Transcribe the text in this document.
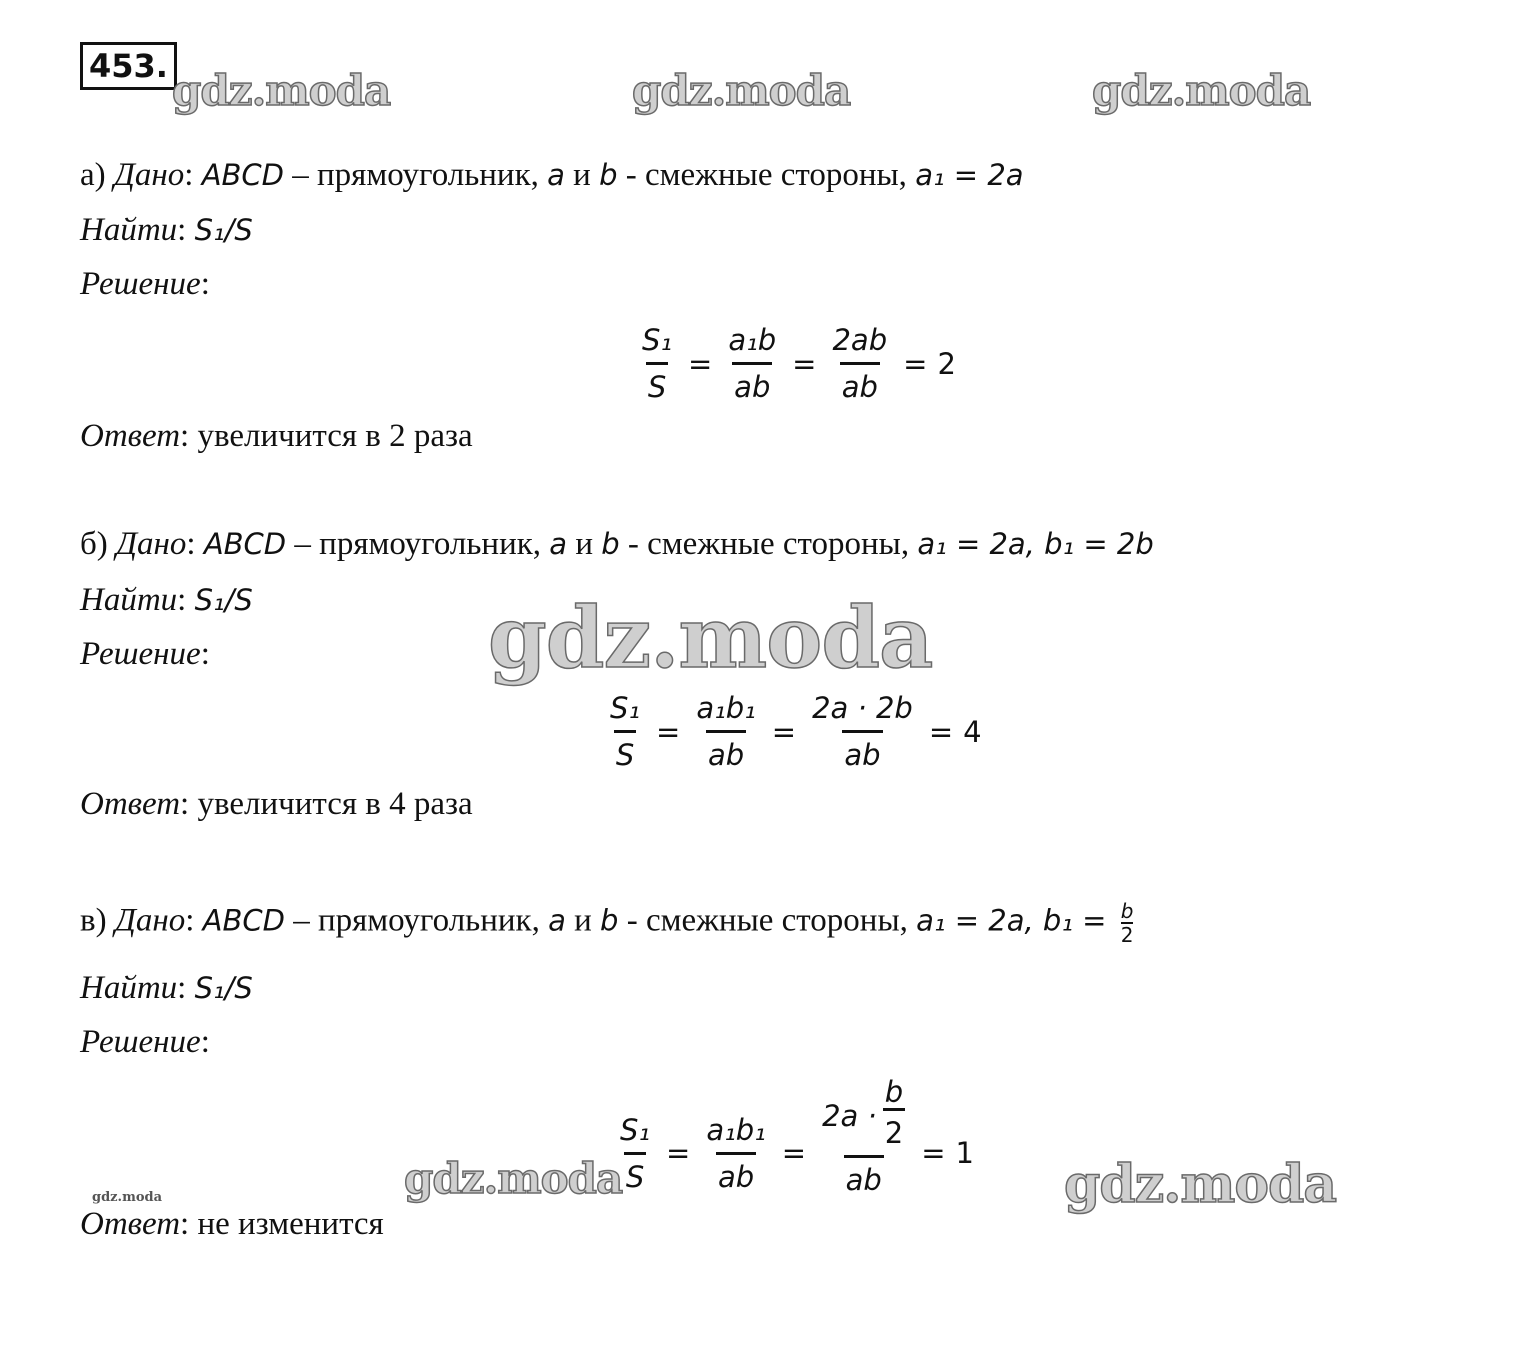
453. gdz.moda	gdz.moda	gdz.moda
а) Дано: ABCD – прямоугольник, a и b - смежные стороны, a₁ = 2a
Найти: S₁/S
Решение:
$\frac{\text{S₁}}{S} = \frac{\text{a₁b}}{ab} = \frac{2ab}{ab} = 2$
Ответ: увеличится в 2 раза
б) Дано: ABCD – прямоугольник, a и b - смежные стороны, a₁ = 2a, b₁ = 2b
Найти: S₁/S
Решение:	gdz.moda
$\frac{\text{S₁}}{S} = \frac{\text{a₁b₁}}{ab} = \frac{2a \cdot 2b}{ab} = 4$
Ответ: увеличится в 4 раза
в) Дано: ABCD – прямоугольник, a и b - смежные стороны, a₁ = 2a, $b_1 = \frac{b}{2}$
Найти: S₁/S
Решение:
gdz.moda	gdz.moda
$\frac{\text{S₁}}{S} = \frac{\text{a₁b₁}}{ab} = \frac{2a \cdot \frac{b}{2}}{ab} = 1$
gdz.moda
Ответ: не изменится
